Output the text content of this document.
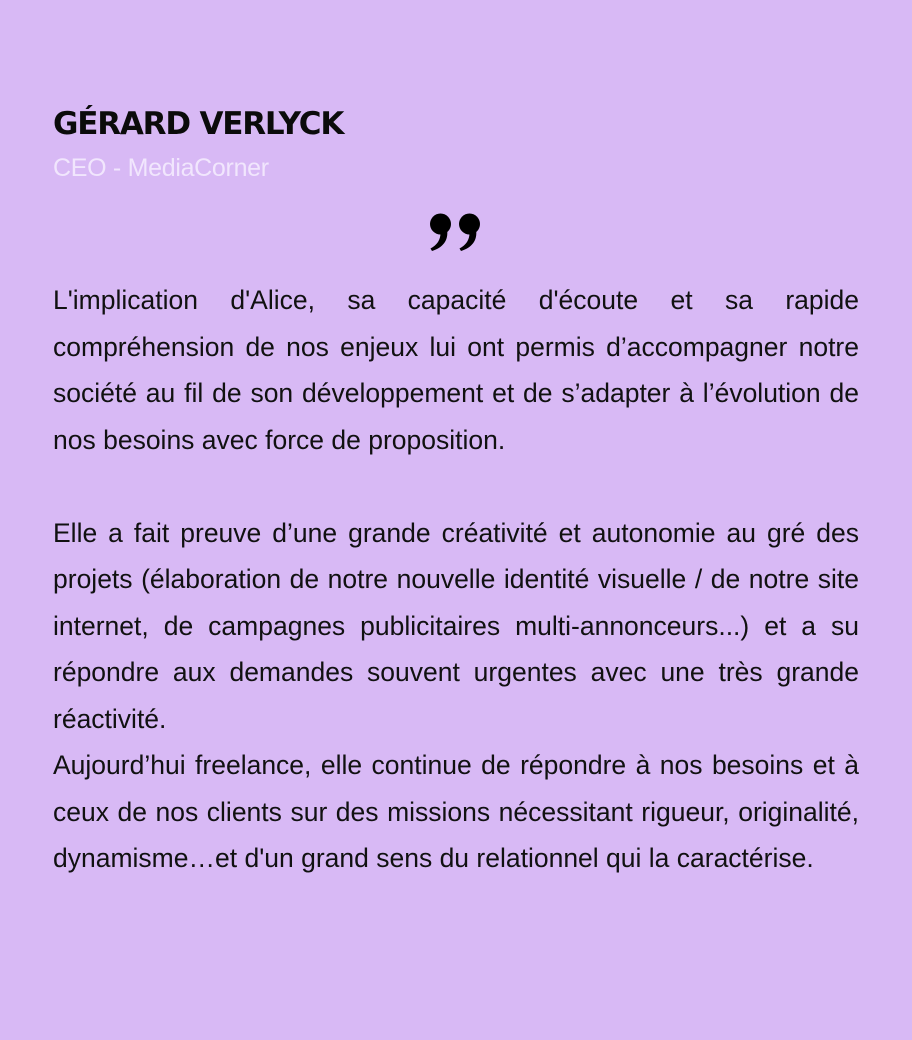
GÉRARD VERLYCK
CEO - MediaCorner

L'implication d'Alice, sa capacité d'écoute et sa rapide compréhension de nos enjeux lui ont permis d’accompagner notre société au fil de son développement et de s’adapter à l’évolution de nos besoins avec force de proposition.

Elle a fait preuve d’une grande créativité et autonomie au gré des projets (élaboration de notre nouvelle identité visuelle / de notre site internet, de campagnes publicitaires multi-annonceurs...) et a su répondre aux demandes souvent urgentes avec une très grande réactivité.

Aujourd’hui freelance, elle continue de répondre à nos besoins et à ceux de nos clients sur des missions nécessitant rigueur, originalité, dynamisme…et d'un grand sens du relationnel qui la caractérise.
